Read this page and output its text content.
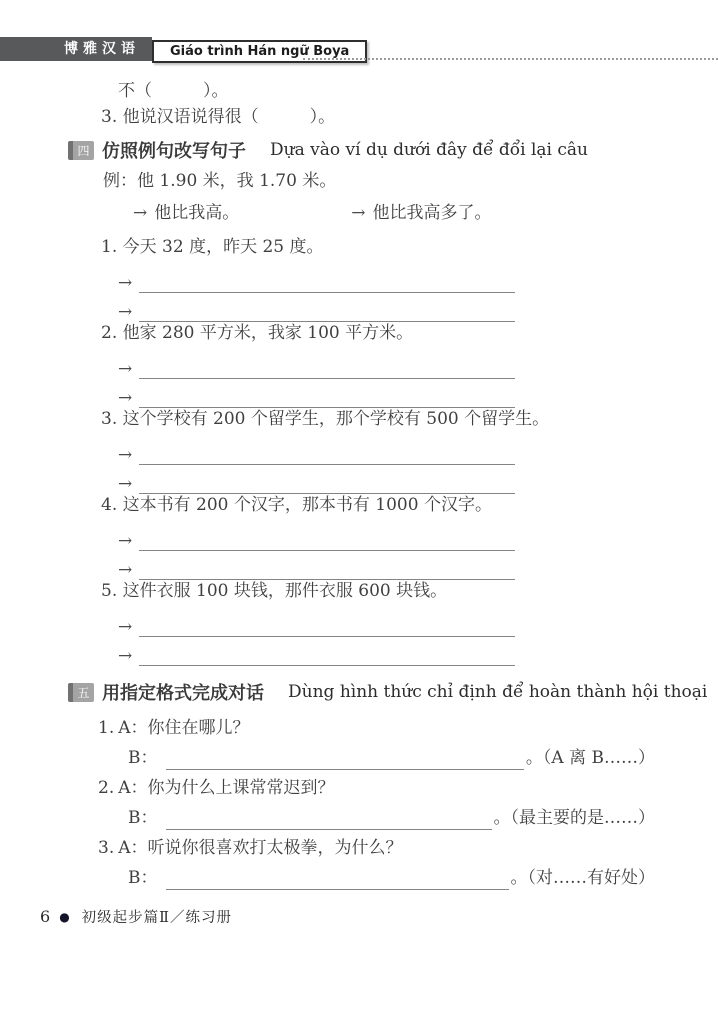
博雅汉语	Giáo trình Hán ngữ Boya
不（　　　）。
3. 他说汉语说得很（　　　）。
四 仿照例句改写句子 Dựa vào ví dụ dưới đây để đổi lại câu
例：他 1.90 米，我 1.70 米。
→ 他比我高。	→ 他比我高多了。
1. 今天 32 度，昨天 25 度。
→
→
2. 他家 280 平方米，我家 100 平方米。
→
→
3. 这个学校有 200 个留学生，那个学校有 500 个留学生。
→
→
4. 这本书有 200 个汉字，那本书有 1000 个汉字。
→
→
5. 这件衣服 100 块钱，那件衣服 600 块钱。
→
→
五 用指定格式完成对话 Dùng hình thức chỉ định để hoàn thành hội thoại
1. A：你住在哪儿？
B：	。（A 离 B……）
2. A：你为什么上课常常迟到？
B：	。（最主要的是……）
3. A：听说你很喜欢打太极拳，为什么？
B：	。（对……有好处）
6 ● 初级起步篇Ⅱ／练习册
